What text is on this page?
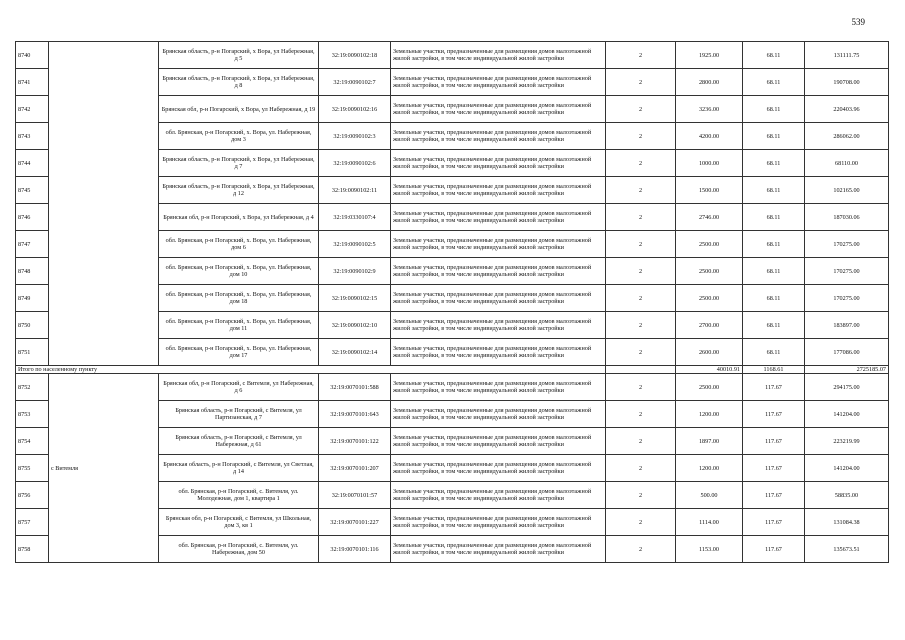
539
8740		Брянская область, р-н Погарский, х Вора, ул Набережная, д 5	32:19:0090102:18	Земельные участки, предназначенные для размещения домов малоэтажной жилой застройки, в том числе индивидуальной жилой застройки	2	1925.00	68.11	131111.75
8741		Брянская область, р-н Погарский, х Вора, ул Набережная, д 8	32:19:0090102:7	Земельные участки, предназначенные для размещения домов малоэтажной жилой застройки, в том числе индивидуальной жилой застройки	2	2800.00	68.11	190708.00
8742		Брянская обл, р-н Погарский, х Вора, ул Набережная, д 19	32:19:0090102:16	Земельные участки, предназначенные для размещения домов малоэтажной жилой застройки, в том числе индивидуальной жилой застройки	2	3236.00	68.11	220403.96
8743		обл. Брянская, р-н Погарский, х. Вора, ул. Набережная, дом 3	32:19:0090102:3	Земельные участки, предназначенные для размещения домов малоэтажной жилой застройки, в том числе индивидуальной жилой застройки	2	4200.00	68.11	286062.00
8744		Брянская область, р-н Погарский, х Вора, ул Набережная, д 7	32:19:0090102:6	Земельные участки, предназначенные для размещения домов малоэтажной жилой застройки, в том числе индивидуальной жилой застройки	2	1000.00	68.11	68110.00
8745		Брянская область, р-н Погарский, х Вора, ул Набережная, д 12	32:19:0090102:11	Земельные участки, предназначенные для размещения домов малоэтажной жилой застройки, в том числе индивидуальной жилой застройки	2	1500.00	68.11	102165.00
8746		Брянская обл, р-н Погарский, х Вора, ул Набережная, д 4	32:19:0330107:4	Земельные участки, предназначенные для размещения домов малоэтажной жилой застройки, в том числе индивидуальной жилой застройки	2	2746.00	68.11	187030.06
8747		обл. Брянская, р-н Погарский, х. Вора, ул. Набережная, дом 6	32:19:0090102:5	Земельные участки, предназначенные для размещения домов малоэтажной жилой застройки, в том числе индивидуальной жилой застройки	2	2500.00	68.11	170275.00
8748		обл. Брянская, р-н Погарский, х. Вора, ул. Набережная, дом 10	32:19:0090102:9	Земельные участки, предназначенные для размещения домов малоэтажной жилой застройки, в том числе индивидуальной жилой застройки	2	2500.00	68.11	170275.00
8749		обл. Брянская, р-н Погарский, х. Вора, ул. Набережная, дом 18	32:19:0090102:15	Земельные участки, предназначенные для размещения домов малоэтажной жилой застройки, в том числе индивидуальной жилой застройки	2	2500.00	68.11	170275.00
8750		обл. Брянская, р-н Погарский, х. Вора, ул. Набережная, дом 11	32:19:0090102:10	Земельные участки, предназначенные для размещения домов малоэтажной жилой застройки, в том числе индивидуальной жилой застройки	2	2700.00	68.11	183897.00
8751		обл. Брянская, р-н Погарский, х. Вора, ул. Набережная, дом 17	32:19:0090102:14	Земельные участки, предназначенные для размещения домов малоэтажной жилой застройки, в том числе индивидуальной жилой застройки	2	2600.00	68.11	177086.00
Итого по населенному пункту						40010.91	1168.61	2725185.07
8752	с Витемля	Брянская обл, р-н Погарский, с Витемля, ул Набережная, д 6	32:19:0070101:588	Земельные участки, предназначенные для размещения домов малоэтажной жилой застройки, в том числе индивидуальной жилой застройки	2	2500.00	117.67	294175.00
8753		Брянская область, р-н Погарский, с Витемля, ул Партизанская, д 7	32:19:0070101:643	Земельные участки, предназначенные для размещения домов малоэтажной жилой застройки, в том числе индивидуальной жилой застройки	2	1200.00	117.67	141204.00
8754		Брянская область, р-н Погарский, с Витемля, ул Набережная, д 61	32:19:0070101:122	Земельные участки, предназначенные для размещения домов малоэтажной жилой застройки, в том числе индивидуальной жилой застройки	2	1897.00	117.67	223219.99
8755		Брянская область, р-н Погарский, с Витемля, ул Светлая, д 14	32:19:0070101:207	Земельные участки, предназначенные для размещения домов малоэтажной жилой застройки, в том числе индивидуальной жилой застройки	2	1200.00	117.67	141204.00
8756		обл. Брянская, р-н Погарский, с. Витемля, ул. Молодежная, дом 1, квартира 1	32:19:0070101:57	Земельные участки, предназначенные для размещения домов малоэтажной жилой застройки, в том числе индивидуальной жилой застройки	2	500.00	117.67	58835.00
8757		Брянская обл, р-н Погарский, с Витемля, ул Школьная, дом 3, кв 1	32:19:0070101:227	Земельные участки, предназначенные для размещения домов малоэтажной жилой застройки, в том числе индивидуальной жилой застройки	2	1114.00	117.67	131084.38
8758		обл. Брянская, р-н Погарский, с. Витемля, ул. Набережная, дом 50	32:19:0070101:116	Земельные участки, предназначенные для размещения домов малоэтажной жилой застройки, в том числе индивидуальной жилой застройки	2	1153.00	117.67	135673.51
